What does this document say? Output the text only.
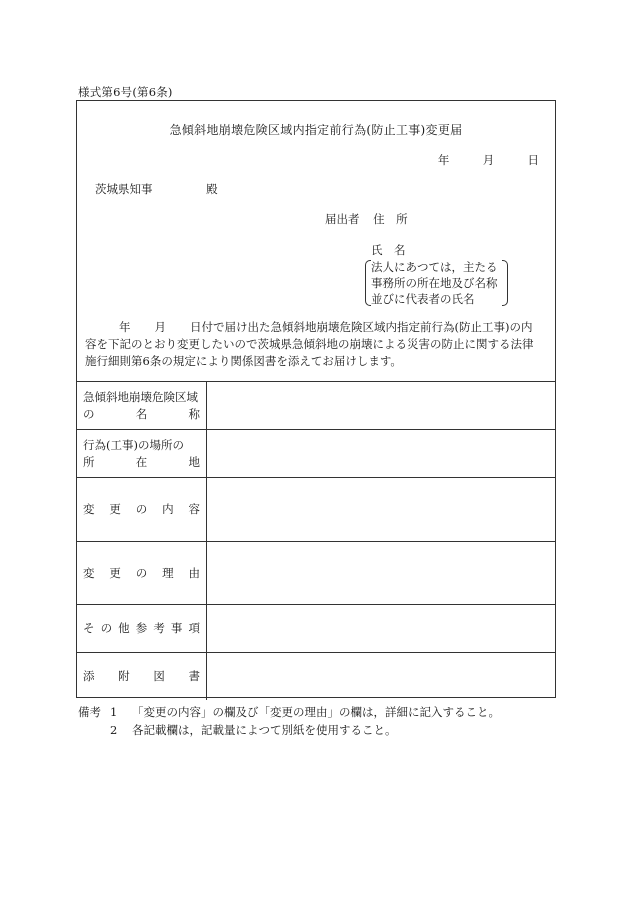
様式第6号(第6条)
急傾斜地崩壊危険区域内指定前行為(防止工事)変更届
年	月	日
茨城県知事	殿
届出者 住　所
氏　名
法人にあつては，主たる
事務所の所在地及び名称
並びに代表者の氏名
年 月 日付で届け出た急傾斜地崩壊危険区域内指定前行為(防止工事)の内
容を下記のとおり変更したいので茨城県急傾斜地の崩壊による災害の防止に関する法律
施行細則第6条の規定により関係図書を添えてお届けします。
急傾斜地崩壊危険区域
の	名	称
行為(工事)の場所の
所	在	地
変 更 の 内 容
変 更 の 理 由
そ の 他 参 考 事 項
添 附 図 書
備考 1 「変更の内容」の欄及び「変更の理由」の欄は，詳細に記入すること。
2 各記載欄は，記載量によつて別紙を使用すること。
